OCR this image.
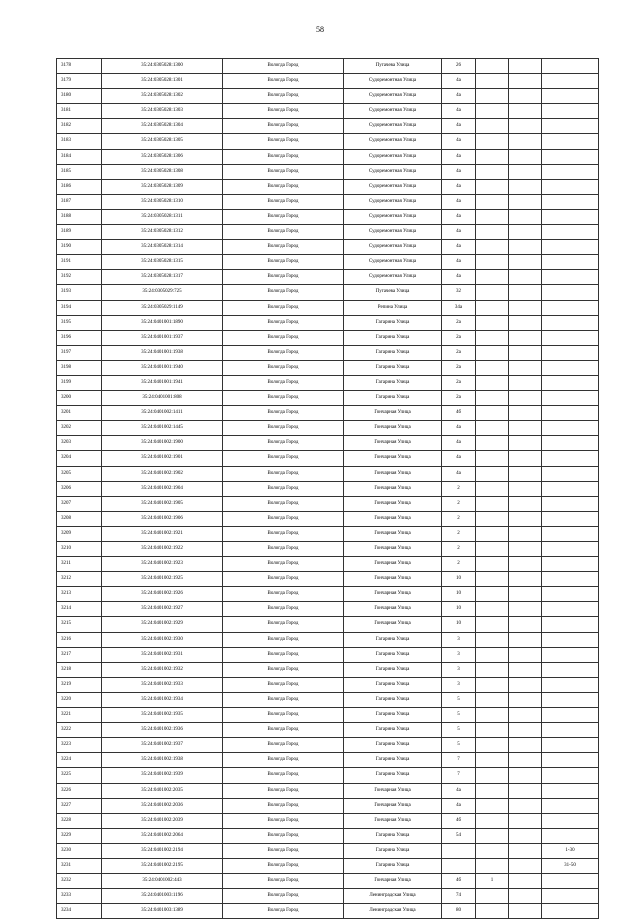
58
3178	35:24:0305028:1300	Вологда Город	Пугачева Улица	26			
3179	35:24:0305028:1301	Вологда Город	Судоремонтная Улица	4а			
3180	35:24:0305028:1302	Вологда Город	Судоремонтная Улица	4а			
3181	35:24:0305028:1303	Вологда Город	Судоремонтная Улица	4а			
3182	35:24:0305028:1304	Вологда Город	Судоремонтная Улица	4а			
3183	35:24:0305028:1305	Вологда Город	Судоремонтная Улица	4а			
3184	35:24:0305028:1306	Вологда Город	Судоремонтная Улица	4а			
3185	35:24:0305028:1308	Вологда Город	Судоремонтная Улица	4а			
3186	35:24:0305028:1309	Вологда Город	Судоремонтная Улица	4а			
3187	35:24:0305028:1310	Вологда Город	Судоремонтная Улица	4а			
3188	35:24:0305028:1311	Вологда Город	Судоремонтная Улица	4а			
3189	35:24:0305028:1312	Вологда Город	Судоремонтная Улица	4а			
3190	35:24:0305028:1314	Вологда Город	Судоремонтная Улица	4а			
3191	35:24:0305028:1315	Вологда Город	Судоремонтная Улица	4а			
3192	35:24:0305028:1317	Вологда Город	Судоремонтная Улица	4а			
3193	35:24:0305029:725	Вологда Город	Пугачева Улица	32			
3194	35:24:0305029:1149	Вологда Город	Репина Улица	34а			
3195	35:24:0401001:1890	Вологда Город	Гагарина Улица	2а			
3196	35:24:0401001:1937	Вологда Город	Гагарина Улица	2а			
3197	35:24:0401001:1938	Вологда Город	Гагарина Улица	2а			
3198	35:24:0401001:1940	Вологда Город	Гагарина Улица	2а			
3199	35:24:0401001:1941	Вологда Город	Гагарина Улица	2а			
3200	35:24:0401001:808	Вологда Город	Гагарина Улица	2а			
3201	35:24:0401002:1411	Вологда Город	Гончарная Улица	4б			
3202	35:24:0401002:1445	Вологда Город	Гончарная Улица	4а			
3203	35:24:0401002:1900	Вологда Город	Гончарная Улица	4а			
3204	35:24:0401002:1901	Вологда Город	Гончарная Улица	4а			
3205	35:24:0401002:1902	Вологда Город	Гончарная Улица	4а			
3206	35:24:0401002:1904	Вологда Город	Гончарная Улица	2			
3207	35:24:0401002:1905	Вологда Город	Гончарная Улица	2			
3208	35:24:0401002:1906	Вологда Город	Гончарная Улица	2			
3209	35:24:0401002:1921	Вологда Город	Гончарная Улица	2			
3210	35:24:0401002:1922	Вологда Город	Гончарная Улица	2			
3211	35:24:0401002:1923	Вологда Город	Гончарная Улица	2			
3212	35:24:0401002:1925	Вологда Город	Гончарная Улица	10			
3213	35:24:0401002:1926	Вологда Город	Гончарная Улица	10			
3214	35:24:0401002:1927	Вологда Город	Гончарная Улица	10			
3215	35:24:0401002:1929	Вологда Город	Гончарная Улица	10			
3216	35:24:0401002:1930	Вологда Город	Гагарина Улица	3			
3217	35:24:0401002:1931	Вологда Город	Гагарина Улица	3			
3218	35:24:0401002:1932	Вологда Город	Гагарина Улица	3			
3219	35:24:0401002:1933	Вологда Город	Гагарина Улица	3			
3220	35:24:0401002:1934	Вологда Город	Гагарина Улица	5			
3221	35:24:0401002:1935	Вологда Город	Гагарина Улица	5			
3222	35:24:0401002:1936	Вологда Город	Гагарина Улица	5			
3223	35:24:0401002:1937	Вологда Город	Гагарина Улица	5			
3224	35:24:0401002:1938	Вологда Город	Гагарина Улица	7			
3225	35:24:0401002:1939	Вологда Город	Гагарина Улица	7			
3226	35:24:0401002:2035	Вологда Город	Гончарная Улица	4а			
3227	35:24:0401002:2036	Вологда Город	Гончарная Улица	4а			
3228	35:24:0401002:2039	Вологда Город	Гончарная Улица	4б			
3229	35:24:0401002:2064	Вологда Город	Гагарина Улица	54			
3230	35:24:0401002:2194	Вологда Город	Гагарина Улица				1-30
3231	35:24:0401002:2195	Вологда Город	Гагарина Улица				31-50
3232	35:24:0401002:443	Вологда Город	Гончарная Улица	4б	1		
3233	35:24:0401003:1196	Вологда Город	Ленинградская Улица	74			
3234	35:24:0401003:1389	Вологда Город	Ленинградская Улица	80			
